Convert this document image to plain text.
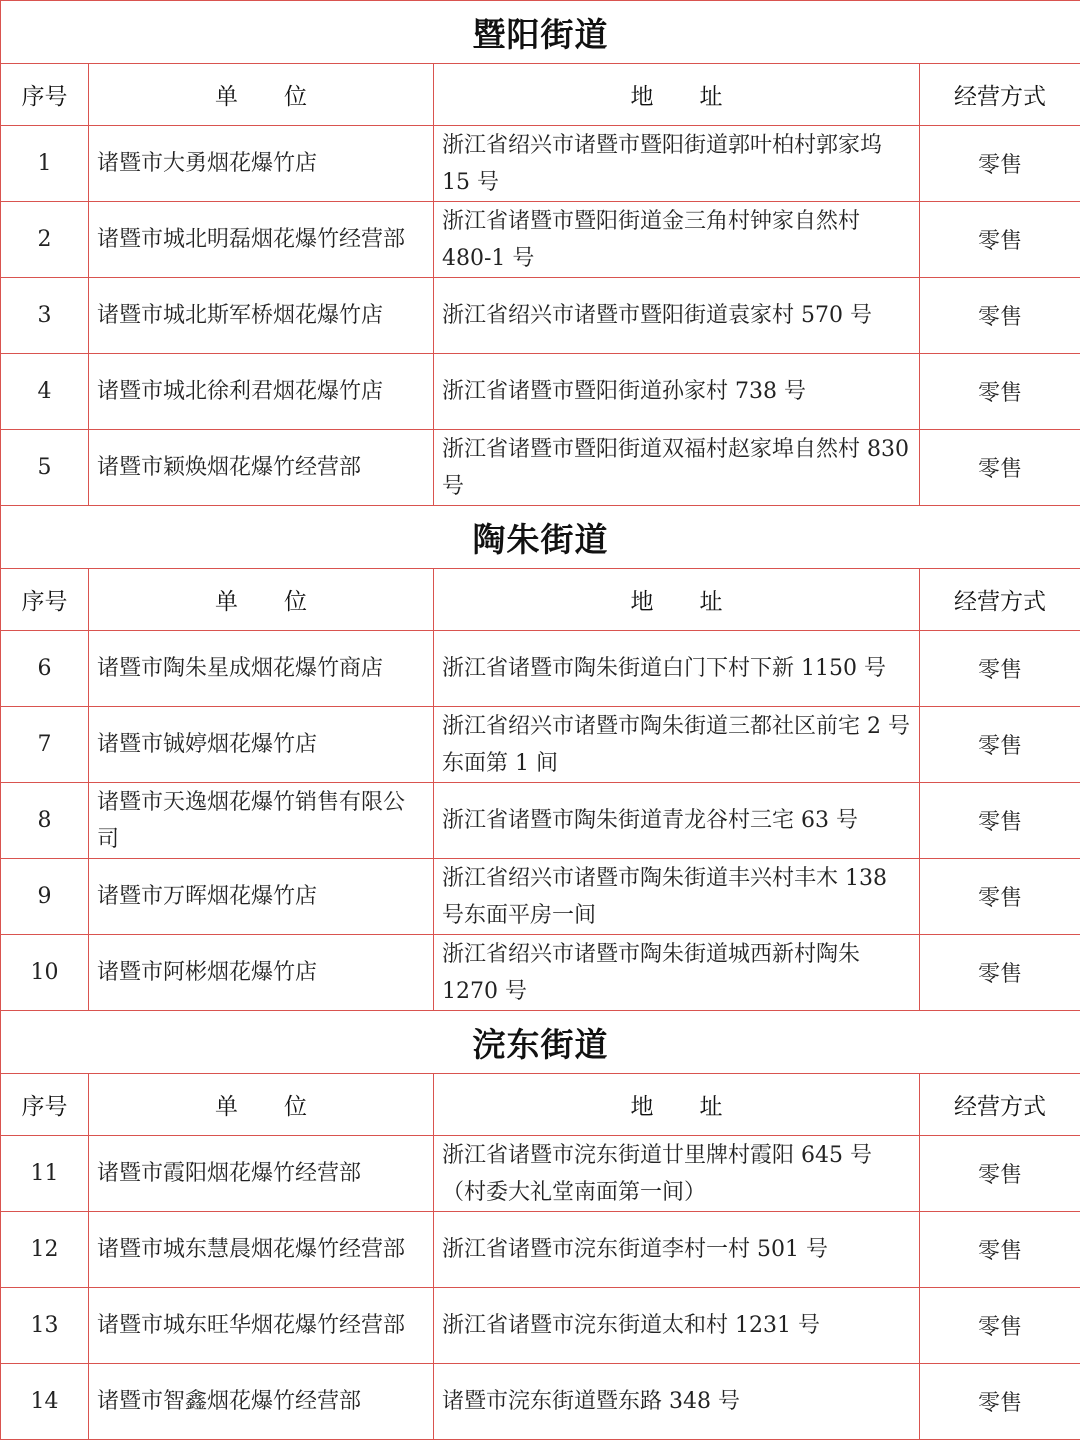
暨阳街道			
序号	单　　位	地　　址	经营方式
1	诸暨市大勇烟花爆竹店	浙江省绍兴市诸暨市暨阳街道郭叶柏村郭家坞 15 号	零售
2	诸暨市城北明磊烟花爆竹经营部	浙江省诸暨市暨阳街道金三角村钟家自然村 480-1 号	零售
3	诸暨市城北斯军桥烟花爆竹店	浙江省绍兴市诸暨市暨阳街道袁家村 570 号	零售
4	诸暨市城北徐利君烟花爆竹店	浙江省诸暨市暨阳街道孙家村 738 号	零售
5	诸暨市颖焕烟花爆竹经营部	浙江省诸暨市暨阳街道双福村赵家埠自然村 830 号	零售
陶朱街道			
序号	单　　位	地　　址	经营方式
6	诸暨市陶朱星成烟花爆竹商店	浙江省诸暨市陶朱街道白门下村下新 1150 号	零售
7	诸暨市铖婷烟花爆竹店	浙江省绍兴市诸暨市陶朱街道三都社区前宅 2 号东面第 1 间	零售
8	诸暨市天逸烟花爆竹销售有限公司	浙江省诸暨市陶朱街道青龙谷村三宅 63 号	零售
9	诸暨市万晖烟花爆竹店	浙江省绍兴市诸暨市陶朱街道丰兴村丰木 138 号东面平房一间	零售
10	诸暨市阿彬烟花爆竹店	浙江省绍兴市诸暨市陶朱街道城西新村陶朱 1270 号	零售
浣东街道			
序号	单　　位	地　　址	经营方式
11	诸暨市霞阳烟花爆竹经营部	浙江省诸暨市浣东街道廿里牌村霞阳 645 号（村委大礼堂南面第一间）	零售
12	诸暨市城东慧晨烟花爆竹经营部	浙江省诸暨市浣东街道李村一村 501 号	零售
13	诸暨市城东旺华烟花爆竹经营部	浙江省诸暨市浣东街道太和村 1231 号	零售
14	诸暨市智鑫烟花爆竹经营部	诸暨市浣东街道暨东路 348 号	零售
